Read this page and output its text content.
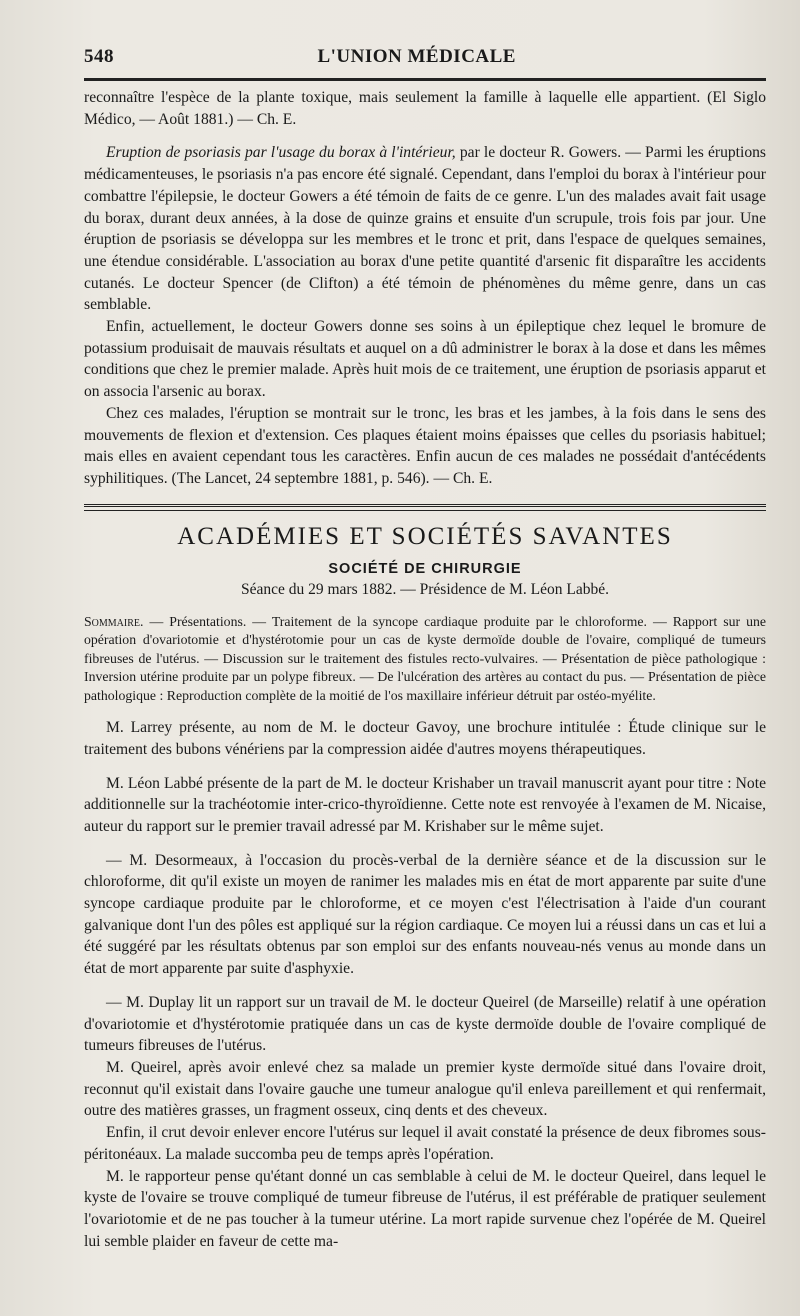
548	L'UNION MÉDICALE

reconnaître l'espèce de la plante toxique, mais seulement la famille à laquelle elle appartient. (El Siglo Médico, — Août 1881.) — Ch. E.

Eruption de psoriasis par l'usage du borax à l'intérieur, par le docteur R. Gowers. — Parmi les éruptions médicamenteuses, le psoriasis n'a pas encore été signalé. Cependant, dans l'emploi du borax à l'intérieur pour combattre l'épilepsie, le docteur Gowers a été témoin de faits de ce genre. L'un des malades avait fait usage du borax, durant deux années, à la dose de quinze grains et ensuite d'un scrupule, trois fois par jour. Une éruption de psoriasis se développa sur les membres et le tronc et prit, dans l'espace de quelques semaines, une étendue considérable. L'association au borax d'une petite quantité d'arsenic fit disparaître les accidents cutanés. Le docteur Spencer (de Clifton) a été témoin de phénomènes du même genre, dans un cas semblable.

Enfin, actuellement, le docteur Gowers donne ses soins à un épileptique chez lequel le bromure de potassium produisait de mauvais résultats et auquel on a dû administrer le borax à la dose et dans les mêmes conditions que chez le premier malade. Après huit mois de ce traitement, une éruption de psoriasis apparut et on associa l'arsenic au borax.

Chez ces malades, l'éruption se montrait sur le tronc, les bras et les jambes, à la fois dans le sens des mouvements de flexion et d'extension. Ces plaques étaient moins épaisses que celles du psoriasis habituel; mais elles en avaient cependant tous les caractères. Enfin aucun de ces malades ne possédait d'antécédents syphilitiques. (The Lancet, 24 septembre 1881, p. 546). — Ch. E.

ACADÉMIES ET SOCIÉTÉS SAVANTES
SOCIÉTÉ DE CHIRURGIE
Séance du 29 mars 1882. — Présidence de M. Léon Labbé.

Sommaire. — Présentations. — Traitement de la syncope cardiaque produite par le chloroforme. — Rapport sur une opération d'ovariotomie et d'hystérotomie pour un cas de kyste dermoïde double de l'ovaire, compliqué de tumeurs fibreuses de l'utérus. — Discussion sur le traitement des fistules recto-vulvaires. — Présentation de pièce pathologique : Inversion utérine produite par un polype fibreux. — De l'ulcération des artères au contact du pus. — Présentation de pièce pathologique : Reproduction complète de la moitié de l'os maxillaire inférieur détruit par ostéo-myélite.

M. Larrey présente, au nom de M. le docteur Gavoy, une brochure intitulée : Étude clinique sur le traitement des bubons vénériens par la compression aidée d'autres moyens thérapeutiques.

M. Léon Labbé présente de la part de M. le docteur Krishaber un travail manuscrit ayant pour titre : Note additionnelle sur la trachéotomie inter-crico-thyroïdienne. Cette note est renvoyée à l'examen de M. Nicaise, auteur du rapport sur le premier travail adressé par M. Krishaber sur le même sujet.

— M. Desormeaux, à l'occasion du procès-verbal de la dernière séance et de la discussion sur le chloroforme, dit qu'il existe un moyen de ranimer les malades mis en état de mort apparente par suite d'une syncope cardiaque produite par le chloroforme, et ce moyen c'est l'électrisation à l'aide d'un courant galvanique dont l'un des pôles est appliqué sur la région cardiaque. Ce moyen lui a réussi dans un cas et lui a été suggéré par les résultats obtenus par son emploi sur des enfants nouveau-nés venus au monde dans un état de mort apparente par suite d'asphyxie.

— M. Duplay lit un rapport sur un travail de M. le docteur Queirel (de Marseille) relatif à une opération d'ovariotomie et d'hystérotomie pratiquée dans un cas de kyste dermoïde double de l'ovaire compliqué de tumeurs fibreuses de l'utérus.

M. Queirel, après avoir enlevé chez sa malade un premier kyste dermoïde situé dans l'ovaire droit, reconnut qu'il existait dans l'ovaire gauche une tumeur analogue qu'il enleva pareillement et qui renfermait, outre des matières grasses, un fragment osseux, cinq dents et des cheveux.

Enfin, il crut devoir enlever encore l'utérus sur lequel il avait constaté la présence de deux fibromes sous-péritonéaux. La malade succomba peu de temps après l'opération.

M. le rapporteur pense qu'étant donné un cas semblable à celui de M. le docteur Queirel, dans lequel le kyste de l'ovaire se trouve compliqué de tumeur fibreuse de l'utérus, il est préférable de pratiquer seulement l'ovariotomie et de ne pas toucher à la tumeur utérine. La mort rapide survenue chez l'opérée de M. Queirel lui semble plaider en faveur de cette ma-
